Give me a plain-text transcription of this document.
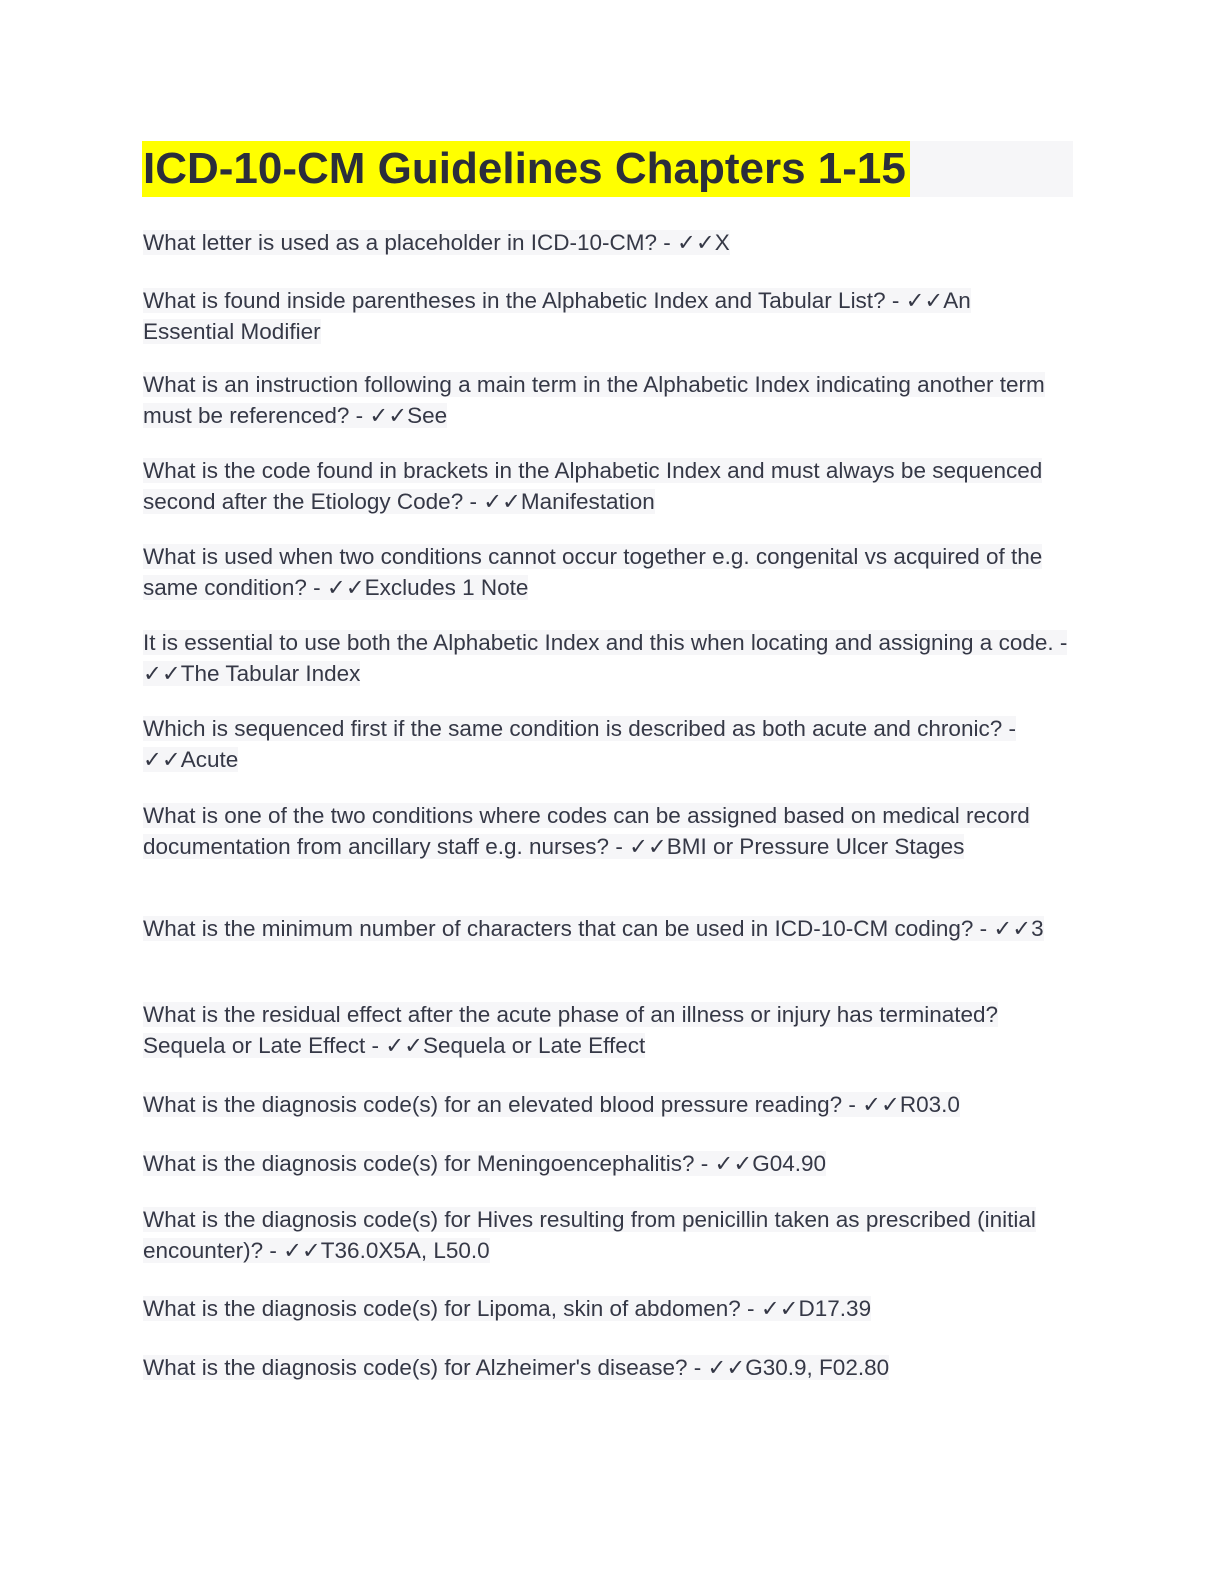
ICD-10-CM Guidelines Chapters 1-15
What letter is used as a placeholder in ICD-10-CM? - ✓✓X
What is found inside parentheses in the Alphabetic Index and Tabular List? - ✓✓An Essential Modifier
What is an instruction following a main term in the Alphabetic Index indicating another term must be referenced? - ✓✓See
What is the code found in brackets in the Alphabetic Index and must always be sequenced second after the Etiology Code? - ✓✓Manifestation
What is used when two conditions cannot occur together e.g. congenital vs acquired of the same condition? - ✓✓Excludes 1 Note
It is essential to use both the Alphabetic Index and this when locating and assigning a code. - ✓✓The Tabular Index
Which is sequenced first if the same condition is described as both acute and chronic? - ✓✓Acute
What is one of the two conditions where codes can be assigned based on medical record documentation from ancillary staff e.g. nurses? - ✓✓BMI or Pressure Ulcer Stages
What is the minimum number of characters that can be used in ICD-10-CM coding? - ✓✓3
What is the residual effect after the acute phase of an illness or injury has terminated? Sequela or Late Effect - ✓✓Sequela or Late Effect
What is the diagnosis code(s) for an elevated blood pressure reading? - ✓✓R03.0
What is the diagnosis code(s) for Meningoencephalitis? - ✓✓G04.90
What is the diagnosis code(s) for Hives resulting from penicillin taken as prescribed (initial encounter)? - ✓✓T36.0X5A, L50.0
What is the diagnosis code(s) for Lipoma, skin of abdomen? - ✓✓D17.39
What is the diagnosis code(s) for Alzheimer's disease? - ✓✓G30.9, F02.80
